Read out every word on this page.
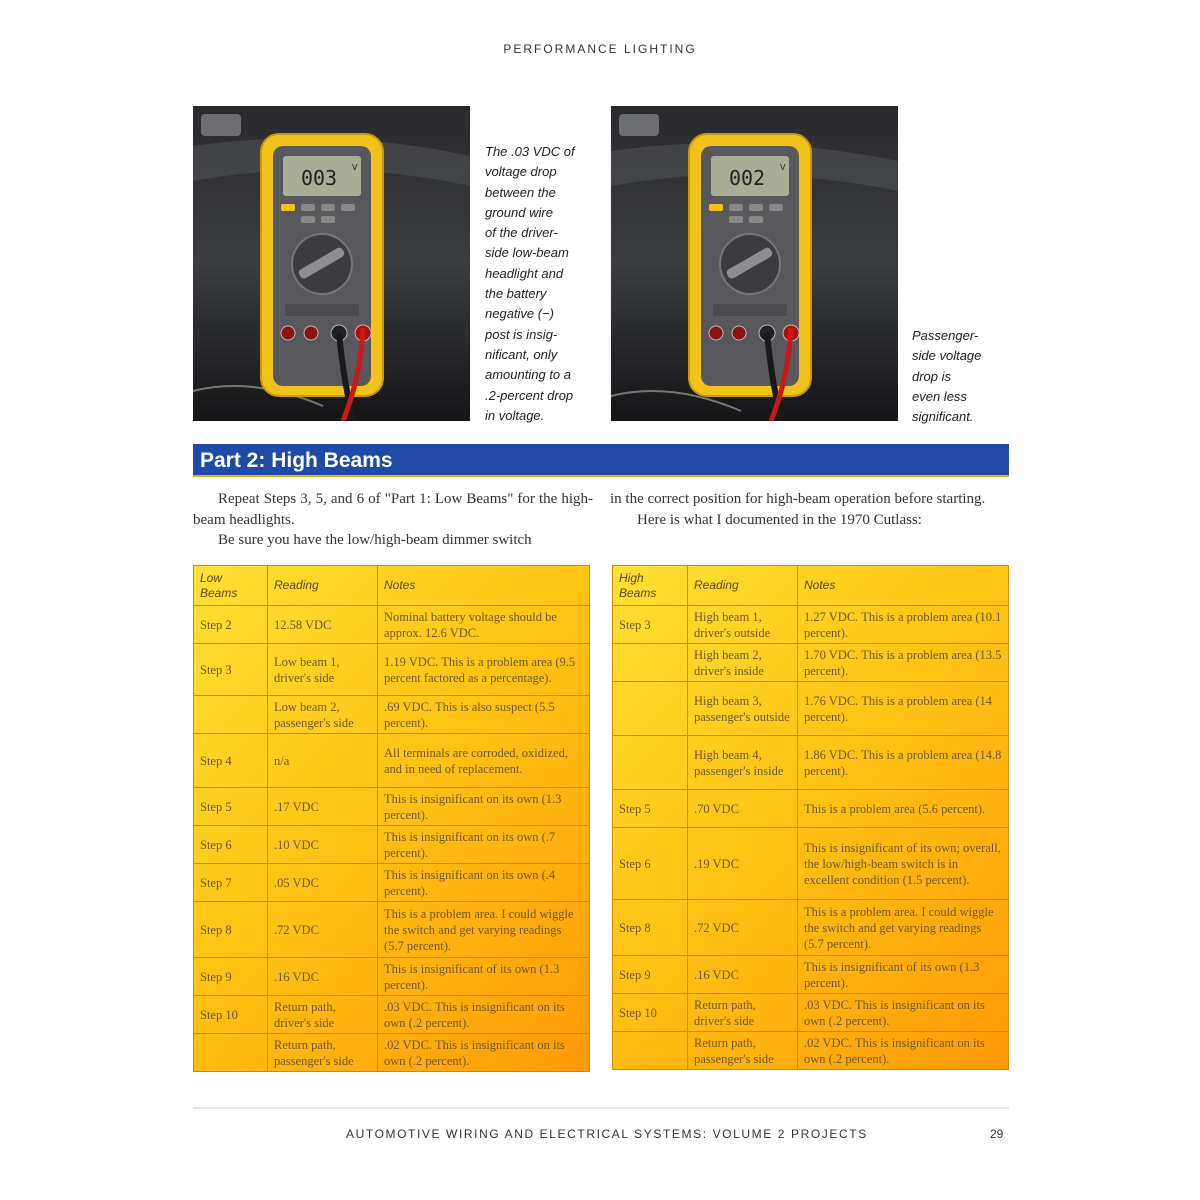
PERFORMANCE LIGHTING
003 V
The .03 VDC of
voltage drop
between the
ground wire
of the driver-
side low-beam
headlight and
the battery
negative (−)
post is insig-
nificant, only
amounting to a
.2-percent drop
in voltage.
002 V
Passenger-
side voltage
drop is
even less
significant.
Part 2: High Beams
Repeat Steps 3, 5, and 6 of "Part 1: Low Beams" for the high-beam headlights.
Be sure you have the low/high-beam dimmer switch
in the correct position for high-beam operation before starting.
Here is what I documented in the 1970 Cutlass:
Low Beams	Reading	Notes
Step 2	12.58 VDC	Nominal battery voltage should be approx. 12.6 VDC.
Step 3	Low beam 1, driver's side	1.19 VDC. This is a problem area (9.5 percent factored as a percentage).
	Low beam 2, passenger's side	.69 VDC. This is also suspect (5.5 percent).
Step 4	n/a	All terminals are corroded, oxidized, and in need of replacement.
Step 5	.17 VDC	This is insignificant on its own (1.3 percent).
Step 6	.10 VDC	This is insignificant on its own (.7 percent).
Step 7	.05 VDC	This is insignificant on its own (.4 percent).
Step 8	.72 VDC	This is a problem area. I could wiggle the switch and get varying readings (5.7 percent).
Step 9	.16 VDC	This is insignificant of its own (1.3 percent).
Step 10	Return path, driver's side	.03 VDC. This is insignificant on its own (.2 percent).
	Return path, passenger's side	.02 VDC. This is insignificant on its own (.2 percent).
High Beams	Reading	Notes
Step 3	High beam 1, driver's outside	1.27 VDC. This is a problem area (10.1 percent).
	High beam 2, driver's inside	1.70 VDC. This is a problem area (13.5 percent).
	High beam 3, passenger's outside	1.76 VDC. This is a problem area (14 percent).
	High beam 4, passenger's inside	1.86 VDC. This is a problem area (14.8 percent).
Step 5	.70 VDC	This is a problem area (5.6 percent).
Step 6	.19 VDC	This is insignificant of its own; overall, the low/high-beam switch is in excellent condition (1.5 percent).
Step 8	.72 VDC	This is a problem area. I could wiggle the switch and get varying readings (5.7 percent).
Step 9	.16 VDC	This is insignificant of its own (1.3 percent).
Step 10	Return path, driver's side	.03 VDC. This is insignificant on its own (.2 percent).
	Return path, passenger's side	.02 VDC. This is insignificant on its own (.2 percent).
AUTOMOTIVE WIRING AND ELECTRICAL SYSTEMS: VOLUME 2 PROJECTS	29
